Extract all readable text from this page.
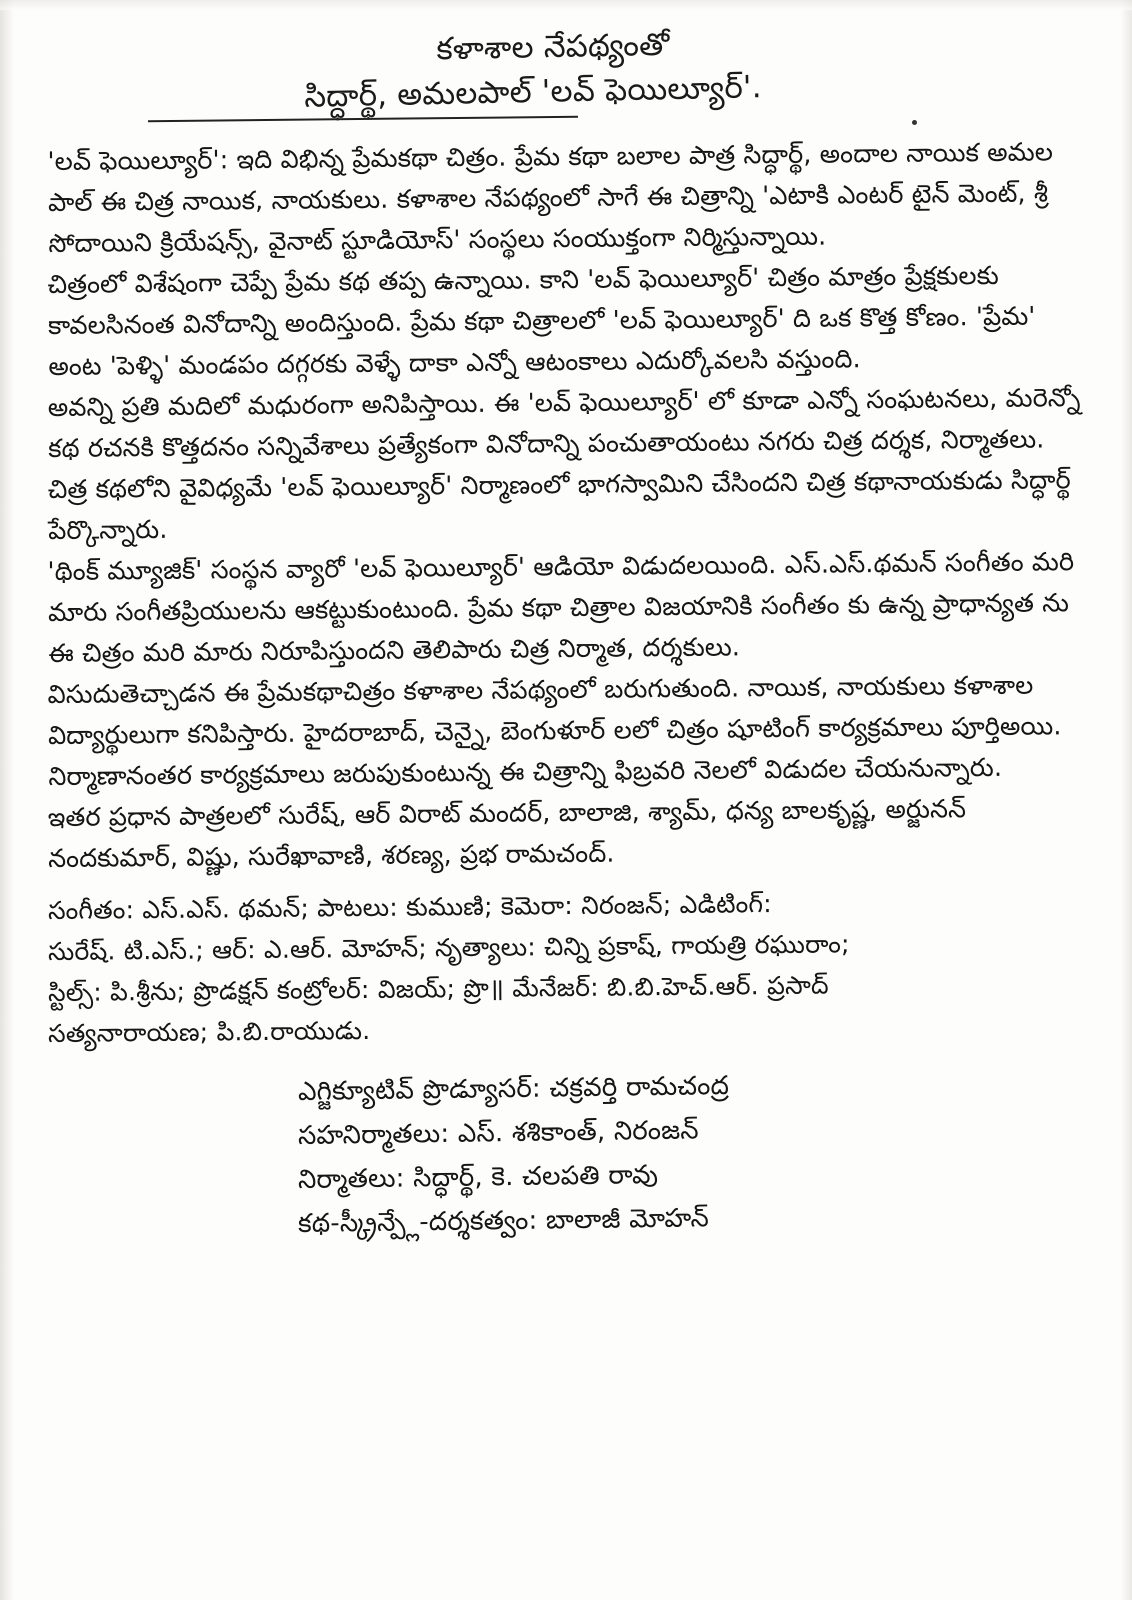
కళాశాల నేపథ్యంతో
సిద్ధార్థ్, అమలపాల్ 'లవ్ ఫెయిల్యూర్'.

'లవ్ ఫెయిల్యూర్': ఇది విభిన్న ప్రేమకథా చిత్రం. ప్రేమ కథా బలాల పాత్ర సిద్ధార్థ్, అందాల నాయిక అమల పాల్ ఈ చిత్ర నాయిక, నాయకులు. కళాశాల నేపథ్యంలో సాగే ఈ చిత్రాన్ని 'ఎటాకి ఎంటర్ టైన్ మెంట్, శ్రీ సోదాయిని క్రియేషన్స్, వైనాట్ స్టూడియోస్' సంస్థలు సంయుక్తంగా నిర్మిస్తున్నాయి.

చిత్రంలో విశేషంగా చెప్పే ప్రేమ కథ తప్ప ఉన్నాయి. కాని 'లవ్ ఫెయిల్యూర్' చిత్రం మాత్రం ప్రేక్షకులకు కావలసినంత వినోదాన్ని అందిస్తుంది. ప్రేమ కథా చిత్రాలలో 'లవ్ ఫెయిల్యూర్' ది ఒక కొత్త కోణం. 'ప్రేమ' అంట 'పెళ్ళి' మండపం దగ్గరకు వెళ్ళే దాకా ఎన్నో ఆటంకాలు ఎదుర్కోవలసి వస్తుంది.

అవన్ని ప్రతి మదిలో మధురంగా అనిపిస్తాయి. ఈ 'లవ్ ఫెయిల్యూర్' లో కూడా ఎన్నో సంఘటనలు, మరెన్నో కథ రచనకి కొత్తదనం సన్నివేశాలు ప్రత్యేకంగా వినోదాన్ని పంచుతాయంటు నగరు చిత్ర దర్శక, నిర్మాతలు.

చిత్ర కథలోని వైవిధ్యమే 'లవ్ ఫెయిల్యూర్' నిర్మాణంలో భాగస్వామిని చేసిందని చిత్ర కథానాయకుడు సిద్ధార్థ్ పేర్కొన్నారు.

'థింక్ మ్యూజిక్' సంస్థన వ్యారో 'లవ్ ఫెయిల్యూర్' ఆడియో విడుదలయింది. ఎస్.ఎస్.థమన్ సంగీతం మరి మారు సంగీతప్రియులను ఆకట్టుకుంటుంది. ప్రేమ కథా చిత్రాల విజయానికి సంగీతం కు ఉన్న ప్రాధాన్యత ను ఈ చిత్రం మరి మారు నిరూపిస్తుందని తెలిపారు చిత్ర నిర్మాత, దర్శకులు.

విసుదుతెచ్చాడన ఈ ప్రేమకథాచిత్రం కళాశాల నేపథ్యంలో బరుగుతుంది. నాయిక, నాయకులు కళాశాల విద్యార్థులుగా కనిపిస్తారు. హైదరాబాద్, చెన్నై, బెంగుళూర్ లలో చిత్రం షూటింగ్ కార్యక్రమాలు పూర్తిఅయి. నిర్మాణానంతర కార్యక్రమాలు జరుపుకుంటున్న ఈ చిత్రాన్ని ఫిబ్రవరి నెలలో విడుదల చేయనున్నారు.

ఇతర ప్రధాన పాత్రలలో సురేష్, ఆర్ విరాట్ మందర్, బాలాజి, శ్యామ్, ధన్య బాలకృష్ణ, అర్జునన్ నందకుమార్, విష్ణు, సురేఖావాణి, శరణ్య, ప్రభ రామచంద్.

సంగీతం: ఎస్.ఎస్. థమన్; పాటలు: కుముణి; కెమెరా: నిరంజన్; ఎడిటింగ్:

సురేష్. టి.ఎస్.; ఆర్: ఎ.ఆర్. మోహన్; నృత్యాలు: చిన్ని ప్రకాష్, గాయత్రి రఘురాం;

స్టిల్స్: పి.శ్రీను; ప్రొడక్షన్ కంట్రోలర్: విజయ్; ప్రొ॥ మేనేజర్: బి.బి.హెచ్.ఆర్. ప్రసాద్

సత్యనారాయణ; పి.బి.రాయుడు.

ఎగ్జిక్యూటివ్ ప్రొడ్యూసర్: చక్రవర్తి రామచంద్ర

సహనిర్మాతలు: ఎస్. శశికాంత్, నిరంజన్

నిర్మాతలు: సిద్ధార్థ్, కె. చలపతి రావు

కథ-స్క్రీన్ప్లే-దర్శకత్వం: బాలాజీ మోహన్
